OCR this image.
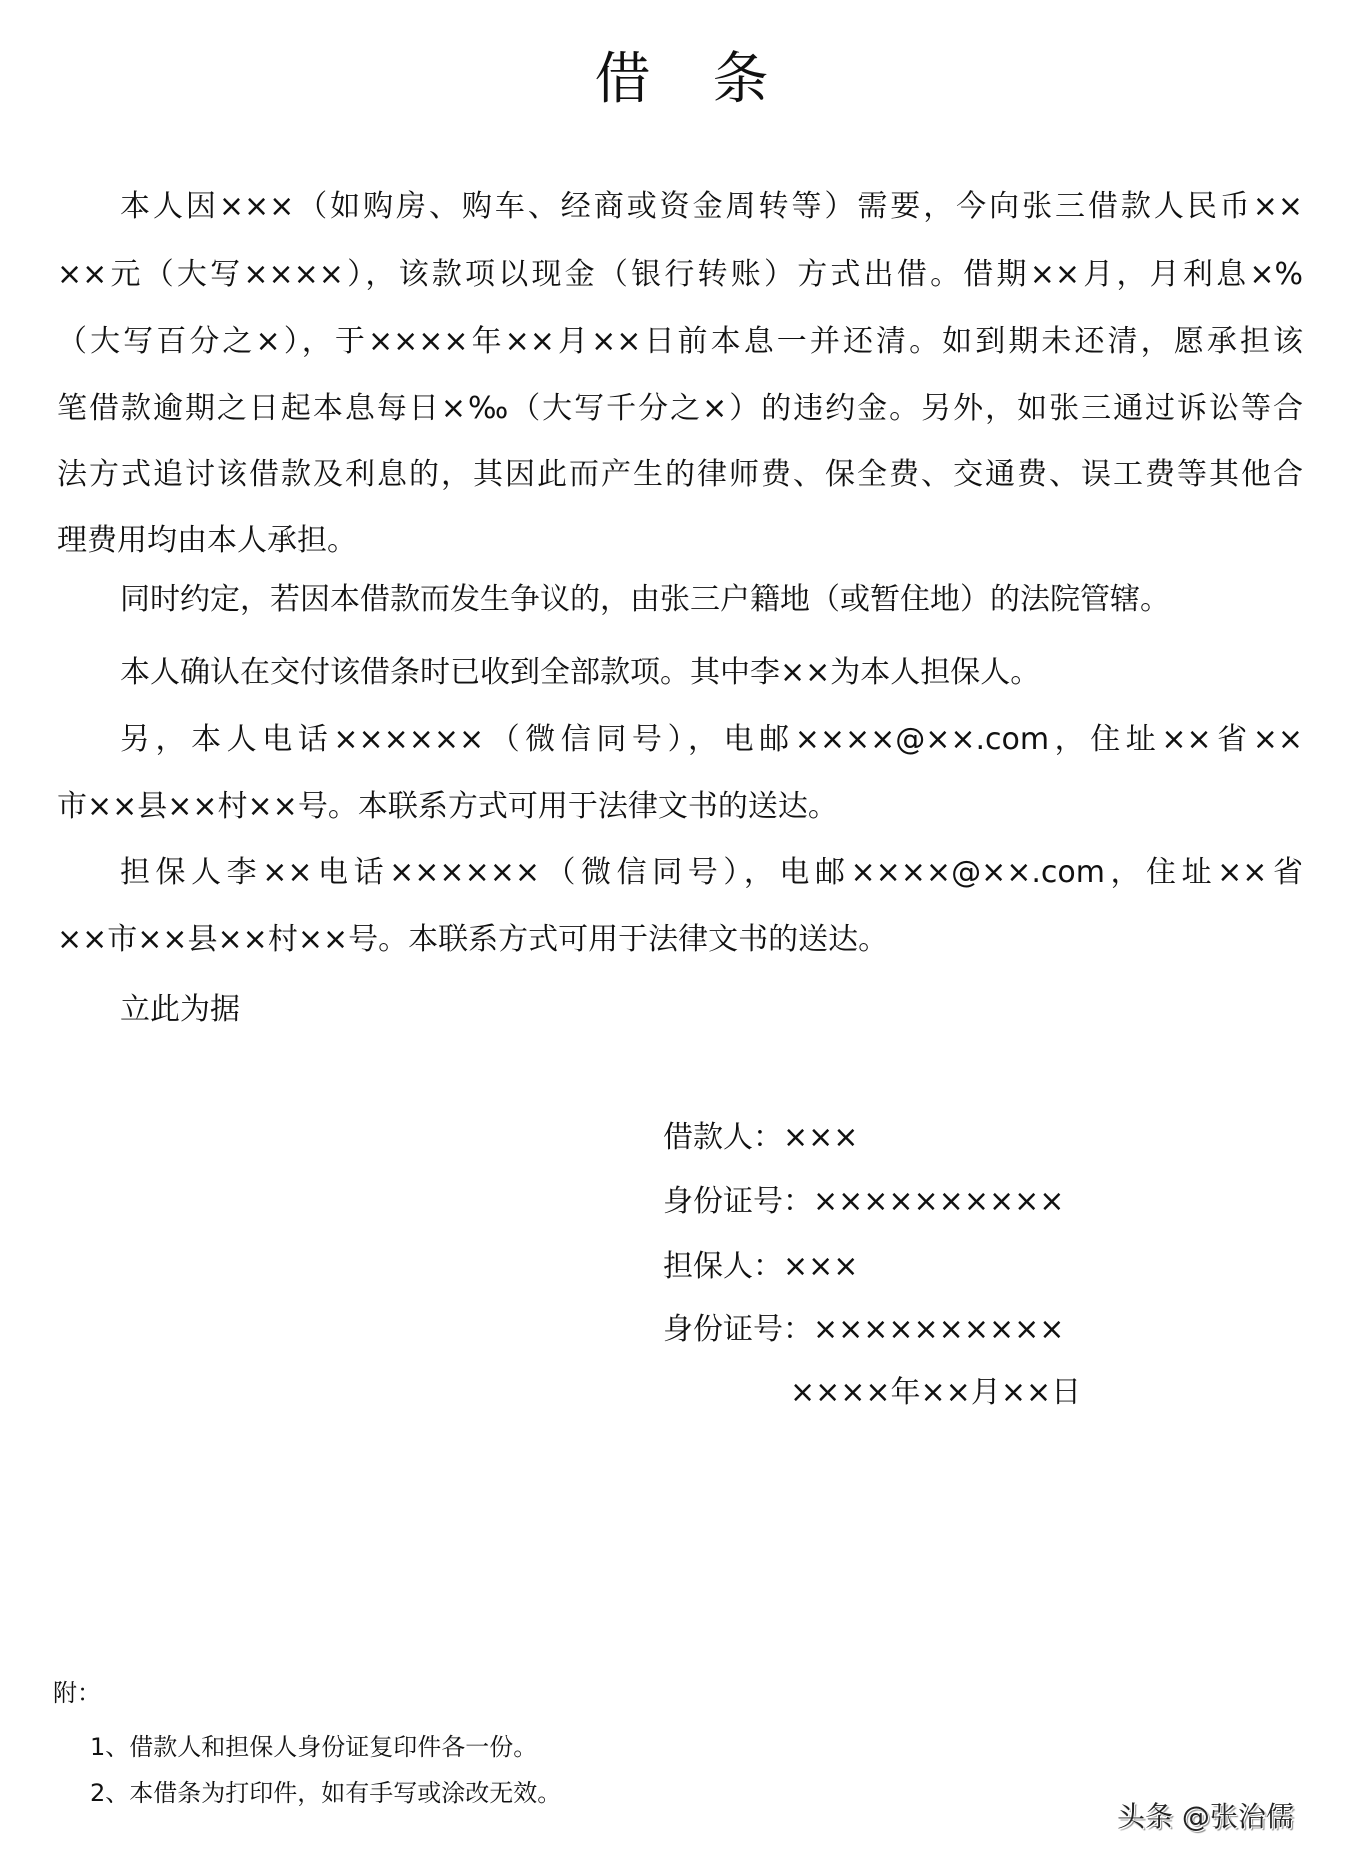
借 条
本人因×××（如购房、购车、经商或资金周转等）需要，今向张三借款人民币××
××元（大写××××），该款项以现金（银行转账）方式出借。借期××月，月利息×%
（大写百分之×），于××××年××月××日前本息一并还清。如到期未还清，愿承担该
笔借款逾期之日起本息每日×‰（大写千分之×）的违约金。另外，如张三通过诉讼等合
法方式追讨该借款及利息的，其因此而产生的律师费、保全费、交通费、误工费等其他合
理费用均由本人承担。
同时约定，若因本借款而发生争议的，由张三户籍地（或暂住地）的法院管辖。
本人确认在交付该借条时已收到全部款项。其中李××为本人担保人。
另，本人电话××××××（微信同号），电邮××××@××.com，住址××省××
市××县××村××号。本联系方式可用于法律文书的送达。
担保人李××电话××××××（微信同号），电邮××××@××.com，住址××省
××市××县××村××号。本联系方式可用于法律文书的送达。
立此为据
借款人：×××
身份证号：××××××××××
担保人：×××
身份证号：××××××××××
××××年××月××日
附：
1、借款人和担保人身份证复印件各一份。
2、本借条为打印件，如有手写或涂改无效。
头条 @张治儒
